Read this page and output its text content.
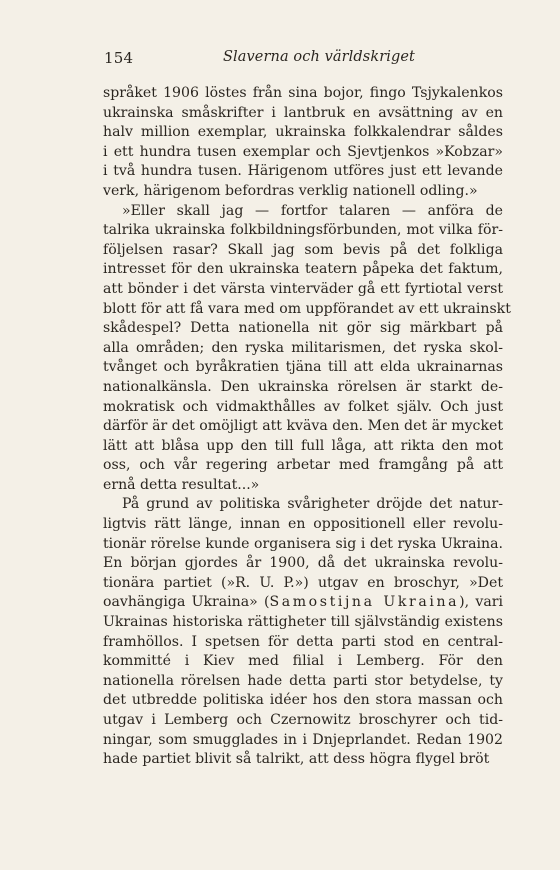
154	Slaverna och världskriget
språket 1906 löstes från sina bojor, fingo Tsjykalenkos
ukrainska småskrifter i lantbruk en avsättning av en
halv million exemplar, ukrainska folkkalendrar såldes
i ett hundra tusen exemplar och Sjevtjenkos »Kobzar»
i två hundra tusen. Härigenom utföres just ett levande
verk, härigenom befordras verklig nationell odling.»
»Eller skall jag — fortfor talaren — anföra de
talrika ukrainska folkbildningsförbunden, mot vilka för-
följelsen rasar? Skall jag som bevis på det folkliga
intresset för den ukrainska teatern påpeka det faktum,
att bönder i det värsta vinterväder gå ett fyrtiotal verst
blott för att få vara med om uppförandet av ett ukrainskt
skådespel? Detta nationella nit gör sig märkbart på
alla områden; den ryska militarismen, det ryska skol-
tvånget och byråkratien tjäna till att elda ukrainarnas
nationalkänsla. Den ukrainska rörelsen är starkt de-
mokratisk och vidmakthålles av folket själv. Och just
därför är det omöjligt att kväva den. Men det är mycket
lätt att blåsa upp den till full låga, att rikta den mot
oss, och vår regering arbetar med framgång på att
ernå detta resultat...»
På grund av politiska svårigheter dröjde det natur-
ligtvis rätt länge, innan en oppositionell eller revolu-
tionär rörelse kunde organisera sig i det ryska Ukraina.
En början gjordes år 1900, då det ukrainska revolu-
tionära partiet (»R. U. P.») utgav en broschyr, »Det
oavhängiga Ukraina» (Samostijna Ukraina), vari
Ukrainas historiska rättigheter till självständig existens
framhöllos. I spetsen för detta parti stod en central-
kommitté i Kiev med filial i Lemberg. För den
nationella rörelsen hade detta parti stor betydelse, ty
det utbredde politiska idéer hos den stora massan och
utgav i Lemberg och Czernowitz broschyrer och tid-
ningar, som smugglades in i Dnjeprlandet. Redan 1902
hade partiet blivit så talrikt, att dess högra flygel bröt
